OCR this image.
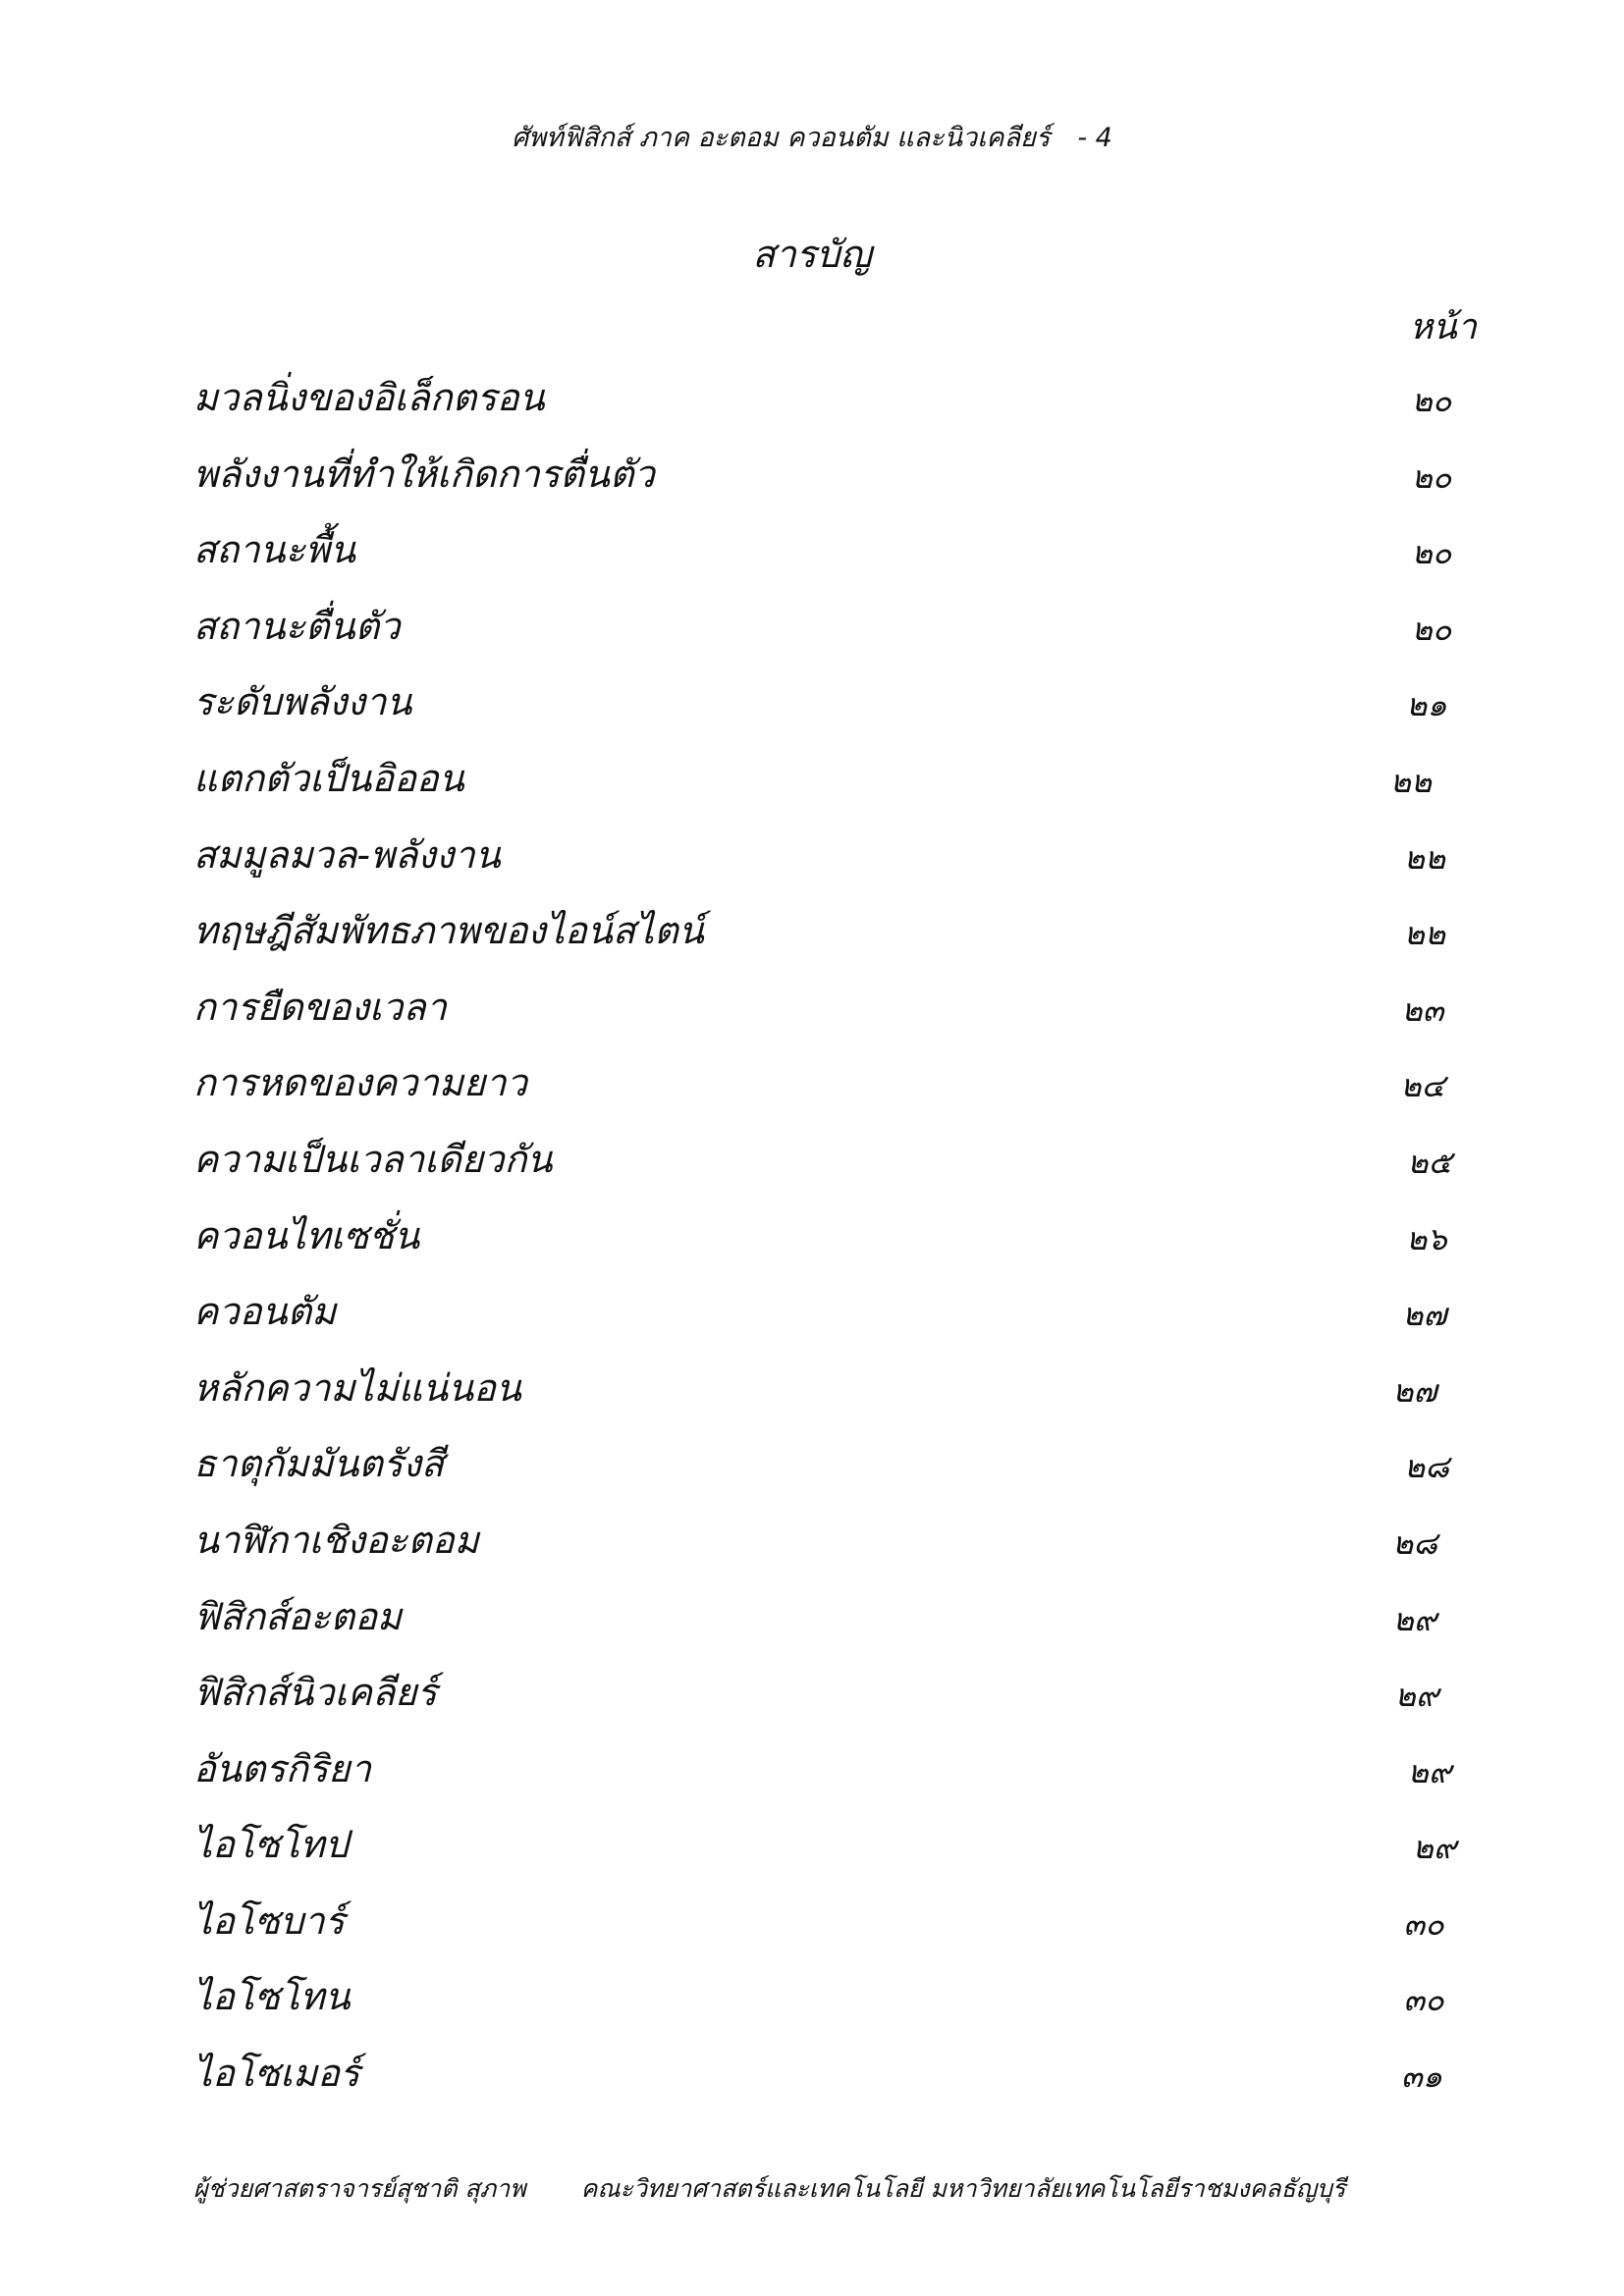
ศัพท์ฟิสิกส์ ภาค อะตอม ควอนตัม และนิวเคลียร์ - 4
สารบัญ
หน้า
มวลนิ่งของอิเล็กตรอน	๒๐
พลังงานที่ทำให้เกิดการตื่นตัว	๒๐
สถานะพื้น	๒๐
สถานะตื่นตัว	๒๐
ระดับพลังงาน	๒๑
แตกตัวเป็นอิออน	๒๒
สมมูลมวล-พลังงาน	๒๒
ทฤษฎีสัมพัทธภาพของไอน์สไตน์	๒๒
การยืดของเวลา	๒๓
การหดของความยาว	๒๔
ความเป็นเวลาเดียวกัน	๒๕
ควอนไทเซชั่น	๒๖
ควอนตัม	๒๗
หลักความไม่แน่นอน	๒๗
ธาตุกัมมันตรังสี	๒๘
นาฬิกาเชิงอะตอม	๒๘
ฟิสิกส์อะตอม	๒๙
ฟิสิกส์นิวเคลียร์	๒๙
อันตรกิริยา	๒๙
ไอโซโทป	๒๙
ไอโซบาร์	๓๐
ไอโซโทน	๓๐
ไอโซเมอร์	๓๑
ผู้ช่วยศาสตราจารย์สุชาติ สุภาพ คณะวิทยาศาสตร์และเทคโนโลยี มหาวิทยาลัยเทคโนโลยีราชมงคลธัญบุรี
